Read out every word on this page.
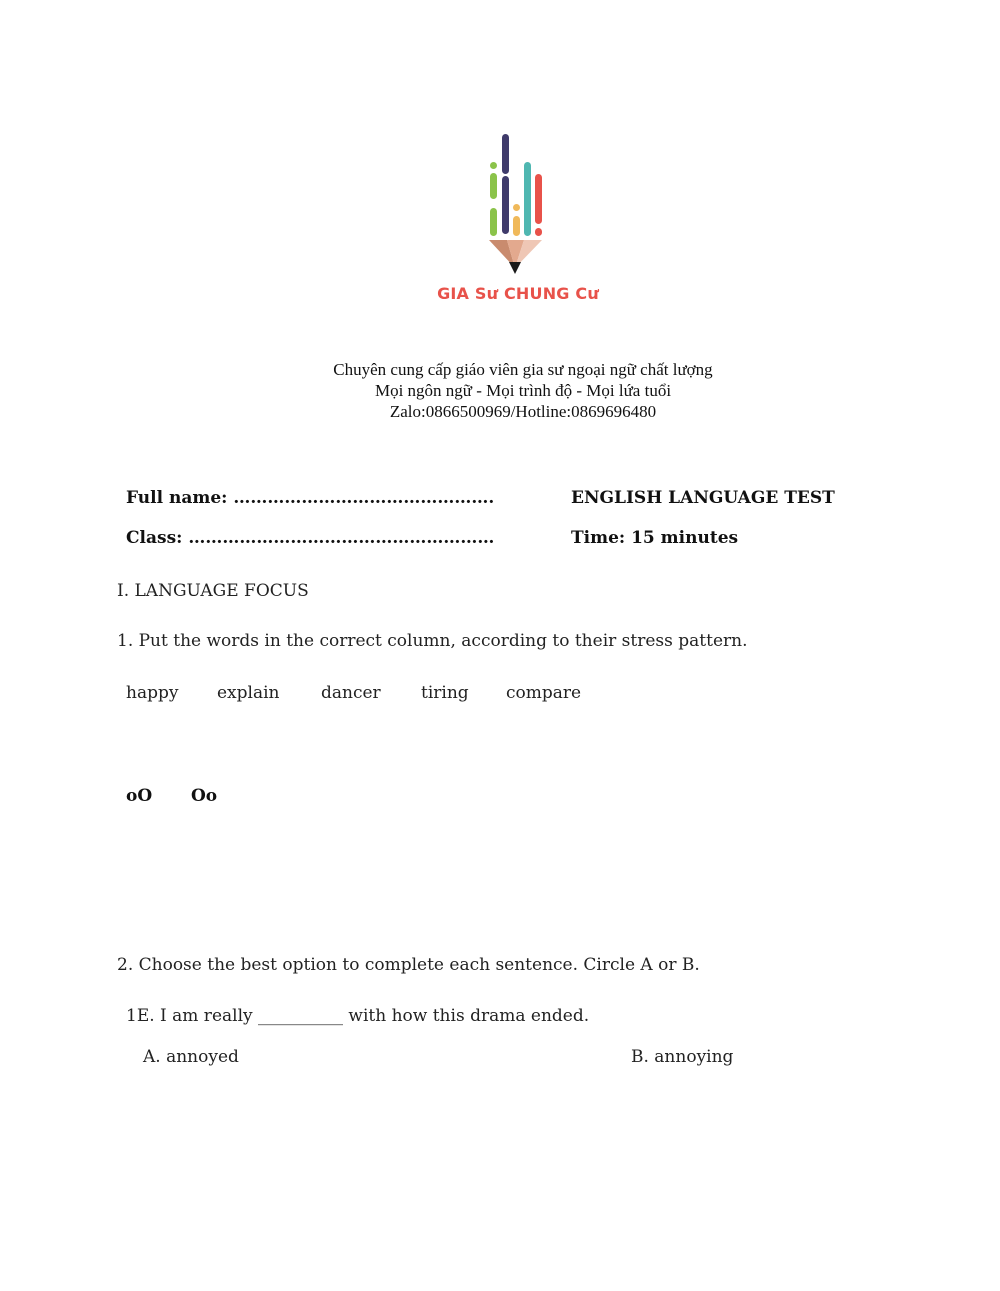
GIA Sư CHUNG Cư
Chuyên cung cấp giáo viên gia sư ngoại ngữ chất lượng
Mọi ngôn ngữ - Mọi trình độ - Mọi lứa tuổi
Zalo:0866500969/Hotline:0869696480
Full name: ……………………………………….
Class: ………………………………………………
ENGLISH LANGUAGE TEST
Time: 15 minutes
I. LANGUAGE FOCUS
1. Put the words in the correct column, according to their stress pattern.
happy explain dancer tiring compare
oO Oo
2. Choose the best option to complete each sentence. Circle A or B.
1E. I am really __________ with how this drama ended.
A. annoyed	B. annoying
